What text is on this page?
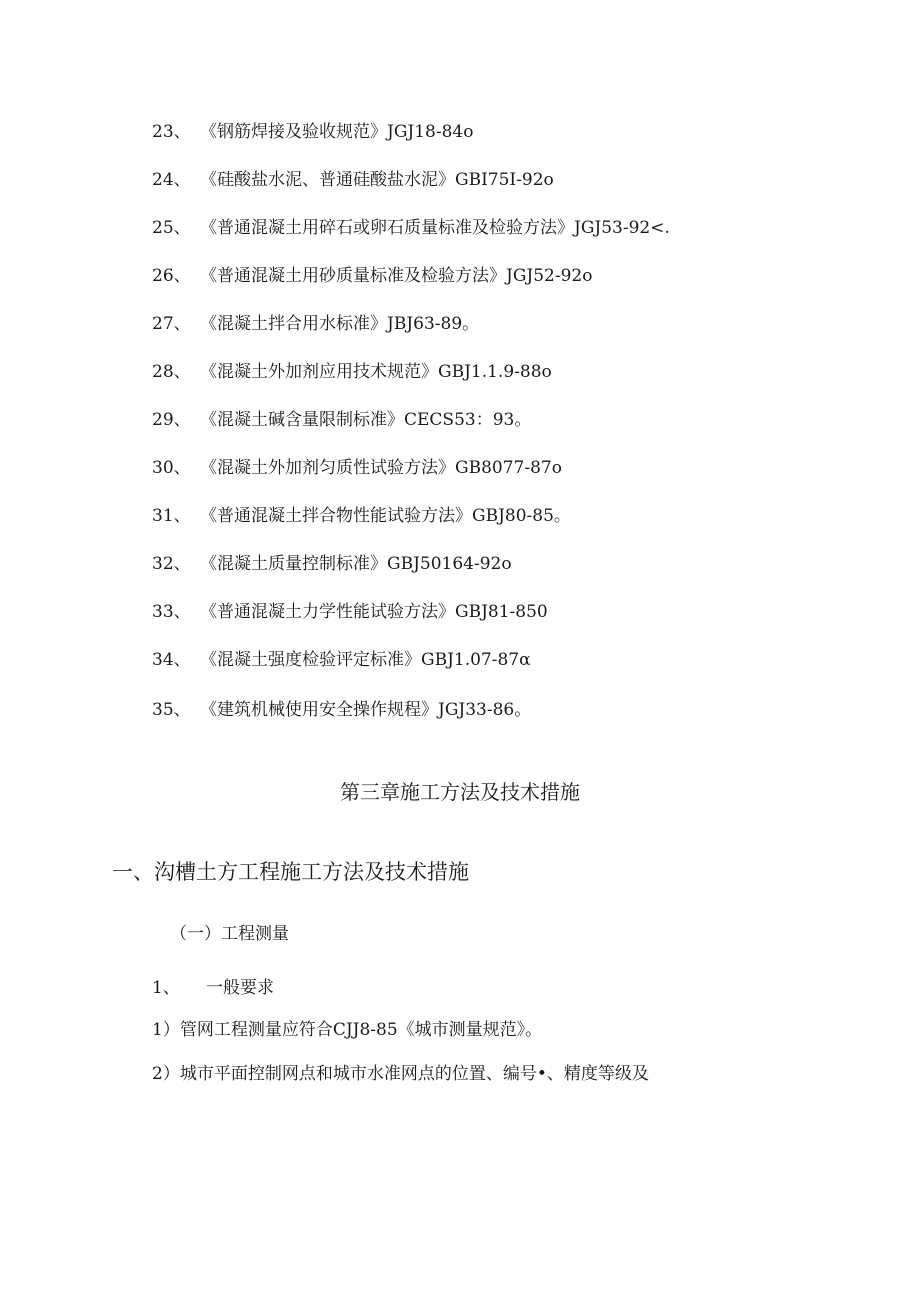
23、 《钢筋焊接及验收规范》JGJ18-84o
24、 《硅酸盐水泥、普通硅酸盐水泥》GBI75I-92o
25、 《普通混凝土用碎石或卵石质量标准及检验方法》JGJ53-92<.
26、 《普通混凝土用砂质量标准及检验方法》JGJ52-92o
27、 《混凝土拌合用水标准》JBJ63-89。
28、 《混凝土外加剂应用技术规范》GBJ1.1.9-88o
29、 《混凝土碱含量限制标准》CECS53：93。
30、 《混凝土外加剂匀质性试验方法》GB8077-87o
31、 《普通混凝土拌合物性能试验方法》GBJ80-85。
32、 《混凝土质量控制标准》GBJ50164-92o
33、 《普通混凝土力学性能试验方法》GBJ81-850
34、 《混凝土强度检验评定标准》GBJ1.07-87α
35、 《建筑机械使用安全操作规程》JGJ33-86。
第三章施工方法及技术措施
一、沟槽土方工程施工方法及技术措施
（一）工程测量
1、 一般要求
1）管网工程测量应符合CJJ8-85《城市测量规范》。
2）城市平面控制网点和城市水准网点的位置、编号•、精度等级及
